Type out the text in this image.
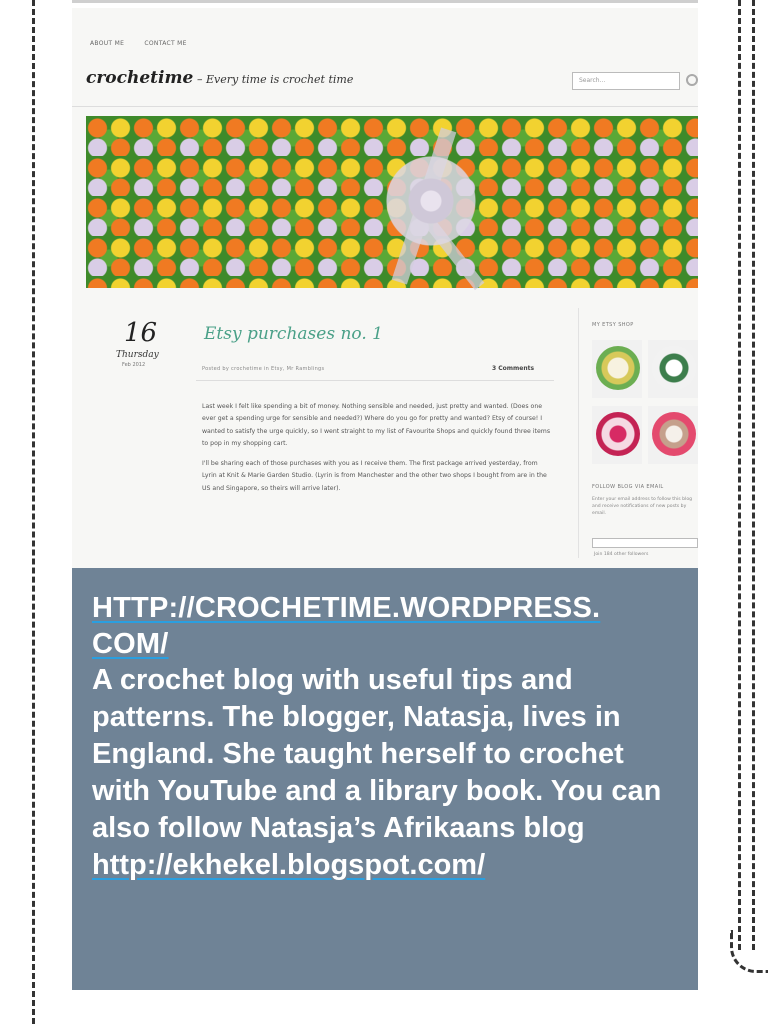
ABOUT ME	CONTACT ME
crochetime – Every time is crochet time	Search...
16
Thursday
Feb 2012
Etsy purchases no. 1
Posted by crochetime in Etsy, Mr Ramblings	3 Comments

Last week I felt like spending a bit of money. Nothing sensible and needed, just pretty and wanted. (Does one ever get a spending urge for sensible and needed?) Where do you go for pretty and wanted? Etsy of course! I wanted to satisfy the urge quickly, so I went straight to my list of Favourite Shops and quickly found three items to pop in my shopping cart.

I'll be sharing each of those purchases with you as I receive them. The first package arrived yesterday, from Lyrin at Knit & Marie Garden Studio. (Lyrin is from Manchester and the other two shops I bought from are in the US and Singapore, so theirs will arrive later).

MY ETSY SHOP
FOLLOW BLOG VIA EMAIL
Enter your email address to follow this blog and receive notifications of new posts by email.
Join 184 other followers
HTTP://CROCHETIME.WORDPRESS.
COM/
A crochet blog with useful tips and patterns. The blogger, Natasja, lives in England. She taught herself to crochet with YouTube and a library book. You can also follow Natasja’s Afrikaans blog http://ekhekel.blogspot.com/
